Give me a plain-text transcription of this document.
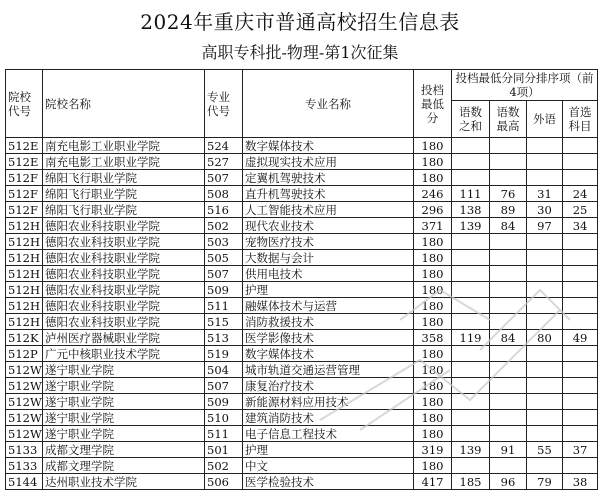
2024年重庆市普通高校招生信息表
高职专科批-物理-第1次征集
院校代号	院校名称	专业代号	专业名称	投档最低分	投档最低分同分排序项（前4项）			
					语数之和	语数最高	外语	首选科目
512E	南充电影工业职业学院	524	数字媒体技术	180				
512E	南充电影工业职业学院	527	虚拟现实技术应用	180				
512F	绵阳飞行职业学院	507	定翼机驾驶技术	180				
512F	绵阳飞行职业学院	508	直升机驾驶技术	246	111	76	31	24
512F	绵阳飞行职业学院	516	人工智能技术应用	296	138	89	30	25
512H	德阳农业科技职业学院	502	现代农业技术	371	139	84	97	34
512H	德阳农业科技职业学院	503	宠物医疗技术	180				
512H	德阳农业科技职业学院	505	大数据与会计	180				
512H	德阳农业科技职业学院	507	供用电技术	180				
512H	德阳农业科技职业学院	509	护理	180				
512H	德阳农业科技职业学院	511	融媒体技术与运营	180				
512H	德阳农业科技职业学院	515	消防救援技术	180				
512K	泸州医疗器械职业学院	513	医学影像技术	358	119	84	80	49
512P	广元中核职业技术学院	519	数字媒体技术	180				
512W	遂宁职业学院	504	城市轨道交通运营管理	180				
512W	遂宁职业学院	507	康复治疗技术	180				
512W	遂宁职业学院	509	新能源材料应用技术	180				
512W	遂宁职业学院	510	建筑消防技术	180				
512W	遂宁职业学院	511	电子信息工程技术	180				
5133	成都文理学院	501	护理	319	139	91	55	37
5133	成都文理学院	502	中文	180				
5144	达州职业技术学院	506	医学检验技术	417	185	96	79	38
